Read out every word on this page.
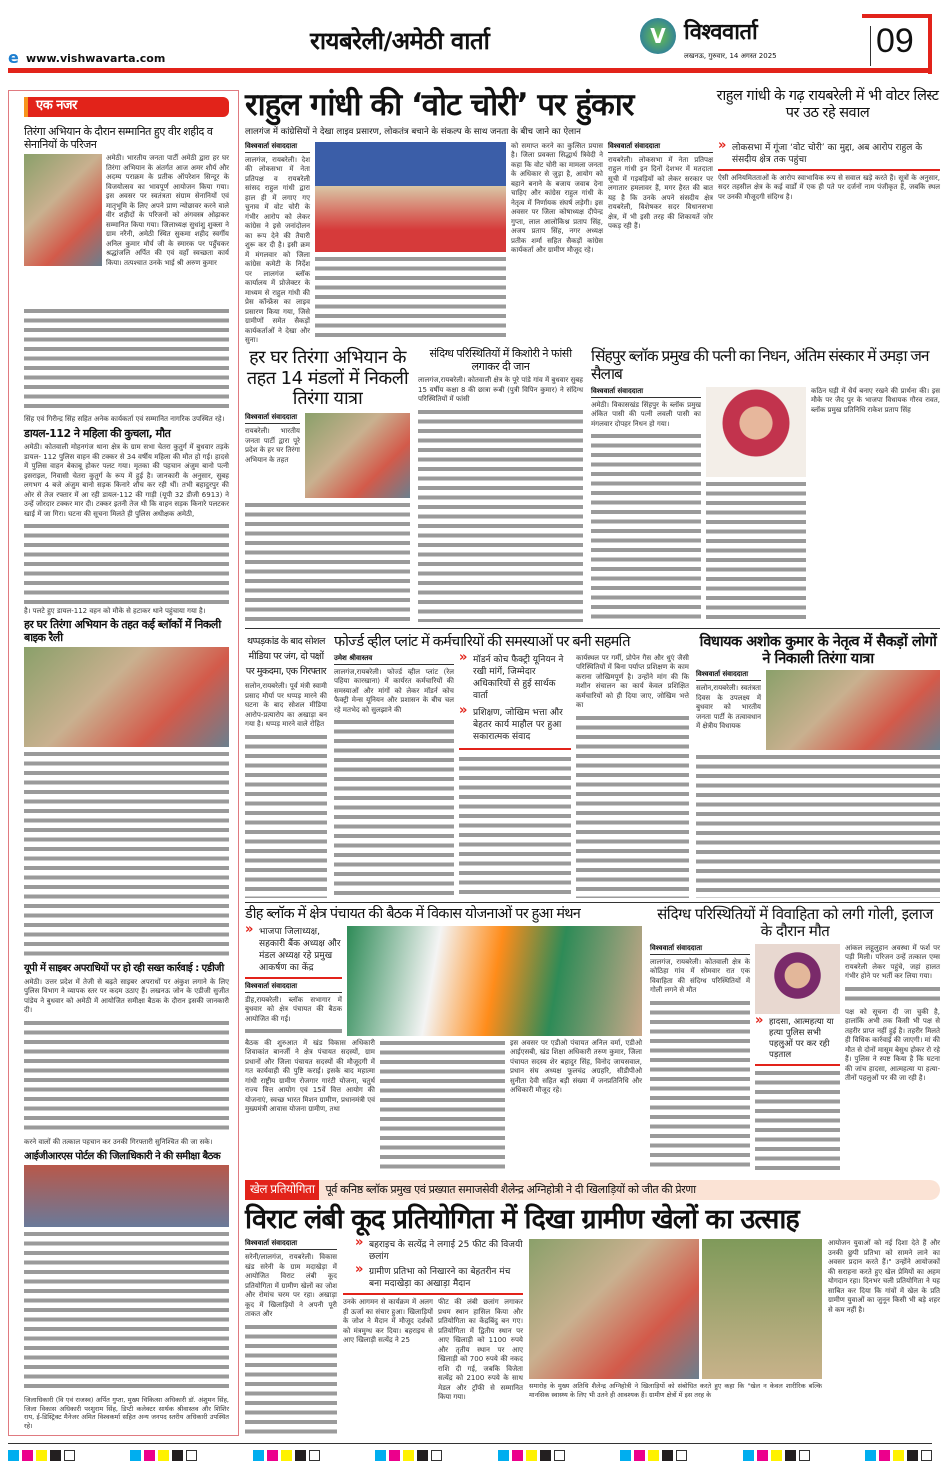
e www.vishwavarta.com
रायबरेली/अमेठी वार्ता	V विश्ववार्ता
लखनऊ, गुरुवार, 14 अगस्त 2025	09
एक नजर
तिरंगा अभियान के दौरान सम्मानित हुए वीर शहीद व सेनानियों के परिजन
अमेठी। भारतीय जनता पार्टी अमेठी द्वारा हर घर तिरंगा अभियान के अंतर्गत आज अमर शौर्य और अदम्य पराक्रम के प्रतीक ऑपरेशन सिन्दूर के विजयोत्सव का भावपूर्ण आयोजन किया गया। इस अवसर पर स्वतंत्रता संग्राम सेनानियों एवं मातृभूमि के लिए अपने प्राण न्योछावर करने वाले वीर शहीदों के परिजनों को अंगवस्त्र ओढ़ाकर सम्मानित किया गया। जिलाध्यक्ष सुधांशु शुक्ला ने ग्राम नरैनी, अमेठी स्थित सुकमा शहीद स्वर्गीय अनिल कुमार मौर्य जी के स्मारक पर पहुँचकर श्रद्धांजलि अर्पित की एवं वहाँ स्वच्छता कार्य किया। तत्पश्चात उनके भाई श्री अरुण कुमार
सिंह एवं गिरीन्द्र सिंह सहित अनेक कार्यकर्ता एवं सम्मानित नागरिक उपस्थित रहे।
डायल-112 ने महिला की कुचला, मौत
अमेठी। कोतवाली मोहनगंज थाना क्षेत्र के ग्राम सभा चेतरा कुतुर्ग में बुधवार तड़के डायल- 112 पुलिस वाहन की टक्कर से 34 वर्षीय महिला की मौत हो गई। हादसे में पुलिस वाहन बेकाबू होकर पलट गया। मृतका की पहचान अंजुम बानो पत्नी इसराइल, निवासी चेतरा कुतुर्ग के रूप में हुई है। जानकारी के अनुसार, सुबह लगभग 4 बजे अंजुम बानो सड़क किनारे शौच कर रही थीं। तभी बहादुरपुर की ओर से तेज रफ्तार में आ रही डायल-112 की गाड़ी (यूपी 32 डीजी 6913) ने उन्हें जोरदार टक्कर मार दी। टक्कर इतनी तेज थी कि वाहन सड़क किनारे पलटकर खाई में जा गिरा। घटना की सूचना मिलते ही पुलिस अधीक्षक अमेठी,
है। पलटे हुए डायल-112 वहन को मौके से हटाकर थाने पहुंचाया गया है।
हर घर तिरंगा अभियान के तहत कई ब्लॉकों में निकली बाइक रैली
यूपी में साइबर अपराधियों पर हो रही सख्त कार्रवाई : एडीजी
अमेठी। उत्तर प्रदेश में तेजी से बढ़ते साइबर अपराधों पर अंकुश लगाने के लिए पुलिस विभाग ने व्यापक स्तर पर कदम उठाए हैं। लखनऊ जोन के एडीजी सुजीत पांडेय ने बुधवार को अमेठी में आयोजित समीक्षा बैठक के दौरान इसकी जानकारी दी।
करने वालों की तत्काल पहचान कर उनकी गिरफ्तारी सुनिश्चित की जा सके।
आईजीआरएस पोर्टल की जिलाधिकारी ने की समीक्षा बैठक
जिलाधिकारी (वि एवं राजस्व) अर्पित गुप्ता, मुख्य चिकित्सा अधिकारी डॉ. अंशुमन सिंह, जिला विकास अधिकारी परशुराम सिंह, डिप्टी कलेक्टर सार्थक श्रीवास्तव और शिशिर राय, ई-डिस्ट्रिक्ट मैनेजर अमित विश्वकर्मा सहित अन्य जनपद स्तरीय अधिकारी उपस्थित रहे।
राहुल गांधी की ‘वोट चोरी’ पर हुंकार
लालगंज में कांग्रेसियों ने देखा लाइव प्रसारण, लोकतंत्र बचाने के संकल्प के साथ जनता के बीच जाने का ऐलान
राहुल गांधी के गढ़ रायबरेली में भी वोटर लिस्ट पर उठ रहे सवाल
विश्ववार्ता संवाददाता
लालगंज, रायबरेली। देश की लोकसभा में नेता प्रतिपक्ष व रायबरेली सांसद राहुल गांधी द्वारा हाल ही में लगाए गए चुनाव में वोट चोरी के गंभीर आरोप को लेकर कांग्रेस ने इसे जनांदोलन का रूप देने की तैयारी शुरू कर दी है। इसी क्रम में मंगलवार को जिला कांग्रेस कमेटी के निर्देश पर लालगंज ब्लॉक कार्यालय में प्रोजेक्टर के माध्यम से राहुल गांधी की प्रेस कॉन्फ्रेंस का लाइव प्रसारण किया गया, जिसे ग्रामीणों समेत सैकड़ों कार्यकर्ताओं ने देखा और सुना।
को समाप्त करने का कुत्सित प्रयास है। जिला प्रवक्ता सिद्धार्थ त्रिवेदी ने कहा कि वोट चोरी का मामला जनता के अधिकार से जुड़ा है, आयोग को बहाने बनाने के बजाय जवाब देना चाहिए और कांग्रेस राहुल गांधी के नेतृत्व में निर्णायक संघर्ष लड़ेगी। इस अवसर पर जिला कोषाध्यक्ष दीपेन्द्र गुप्ता, लाल आलोकिश्न प्रताप सिंह, अजय प्रताप सिंह, नगर अध्यक्ष प्रतीक शर्मा सहित सैकड़ों कांग्रेस कार्यकर्ता और ग्रामीण मौजूद रहे।
विश्ववार्ता संवाददाता
रायबरेली। लोकसभा में नेता प्रतिपक्ष राहुल गांधी इन दिनों देशभर में मतदाता सूची में गड़बड़ियों को लेकर सरकार पर लगातार हमलावर हैं, मगर हैरत की बात यह है कि उनके अपने संसदीय क्षेत्र रायबरेली, विशेषकर सदर विधानसभा क्षेत्र, में भी इसी तरह की शिकायतें जोर पकड़ रही हैं।
» लोकसभा में गूंजा ‘वोट चोरी’ का मुद्दा, अब आरोप राहुल के संसदीय क्षेत्र तक पहुंचा
ऐसी अनियमितताओं के आरोप स्वाभाविक रूप से सवाल खड़े करते हैं। सूत्रों के अनुसार, सदर तहसील क्षेत्र के कई वार्डों में एक ही पते पर दर्जनों नाम पंजीकृत हैं, जबकि स्थल पर उनकी मौजूदगी संदिग्ध है।
हर घर तिरंगा अभियान के तहत 14 मंडलों में निकली तिरंगा यात्रा
विश्ववार्ता संवाददाता
रायबरेली। भारतीय जनता पार्टी द्वारा पूरे प्रदेश के हर घर तिरंगा अभियान के तहत
संदिग्ध परिस्थितियों में किशोरी ने फांसी लगाकर दी जान
लालगंज,रायबरेली। कोतवाली क्षेत्र के पूरे पांडे गांव में बुधवार सुबह 15 वर्षीय कक्षा 8 की छात्रा रूबी (पुत्री विपिन कुमार) ने संदिग्ध परिस्थितियों में फांसी
सिंहपुर ब्लॉक प्रमुख की पत्नी का निधन, अंतिम संस्कार में उमड़ा जन सैलाब
विश्ववार्ता संवाददाता
अमेठी। विकासखंड सिंहपुर के ब्लॉक प्रमुख अंकित पासी की पत्नी लवली पासी का मंगलवार दोपहर निधन हो गया।
कठिन घड़ी में धैर्य बनाए रखने की प्रार्थना की। इस मौके पर जैद पुर के भाजपा विधायक गौरव रावत, ब्लॉक प्रमुख प्रतिनिधि राकेश प्रताप सिंह
थप्पड़कांड के बाद सोशल मीडिया पर जंग, दो पक्षों पर मुकदमा, एक गिरफ्तार
सलोन,रायबरेली। पूर्व मंत्री स्वामी प्रसाद मौर्या पर थप्पड़ मारने की घटना के बाद सोशल मीडिया आरोप-प्रत्यारोप का अखाड़ा बन गया है। थप्पड़ मारने वाले रोहित
फोर्ज्ड व्हील प्लांट में कर्मचारियों की समस्याओं पर बनी सहमति
उमेश श्रीवास्तव
लालगंज,रायबरेली। फोर्ज्ड व्हील प्लांट (रेल पहिया कारखाना) में कार्यरत कर्मचारियों की समस्याओं और मांगों को लेकर मॉडर्न कोच फैक्ट्री मेन्स यूनियन और प्रशासन के बीच चल रहे मतभेद को सुलझाने की
» मॉडर्न कोच फैक्ट्री यूनियन ने रखी मांगें, जिम्मेदार अधिकारियों से हुई सार्थक वार्ता
» प्रशिक्षण, जोखिम भत्ता और बेहतर कार्य माहौल पर हुआ सकारात्मक संवाद
कार्यस्थल पर गर्मी, प्रोपेन गैस और धुएं जैसी परिस्थितियों में बिना पर्याप्त प्रशिक्षण के काम कराना जोखिमपूर्ण है। उन्होंने मांग की कि मशीन संचालन का कार्य केवल प्रशिक्षित कर्मचारियों को ही दिया जाए, जोखिम भत्ते का
विधायक अशोक कुमार के नेतृत्व में सैकड़ों लोगों ने निकाली तिरंगा यात्रा
विश्ववार्ता संवाददाता
सलोन,रायबरेली। स्वतंत्रता दिवस के उपलक्ष्य में बुधवार को भारतीय जनता पार्टी के तत्वावधान में क्षेत्रीय विधायक
डीह ब्लॉक में क्षेत्र पंचायत की बैठक में विकास योजनाओं पर हुआ मंथन
» भाजपा जिलाध्यक्ष, सहकारी बैंक अध्यक्ष और मंडल अध्यक्ष रहे प्रमुख आकर्षण का केंद्र
विश्ववार्ता संवाददाता
डीह,रायबरेली। ब्लॉक सभागार में बुधवार को क्षेत्र पंचायत की बैठक आयोजित की गई।
बैठक की शुरुआत में खंड विकास अधिकारी शिवाकांत बानर्जी ने क्षेत्र पंचायत सदस्यों, ग्राम प्रधानों और जिला पंचायत सदस्यों की मौजूदगी में गत कार्यवाही की पुष्टि कराई। इसके बाद महात्मा गांधी राष्ट्रीय ग्रामीण रोजगार गारंटी योजना, चतुर्थ राज्य वित्त आयोग एवं 15वें वित्त आयोग की योजनाएं, स्वच्छ भारत मिशन ग्रामीण, प्रधानमंत्री एवं मुख्यमंत्री आवास योजना ग्रामीण, तथा
इस अवसर पर एडीओ पंचायत अनिल वर्मा, एडीओ आईएसबी, खंड शिक्षा अधिकारी तरुण कुमार, जिला पंचायत सदस्य शेर बहादुर सिंह, विनोद जायसवाल, प्रधान संघ अध्यक्ष फूलचंद्र अग्रहरि, सीडीपीओ सुनीता देवी सहित बड़ी संख्या में जनप्रतिनिधि और अधिकारी मौजूद रहे।
संदिग्ध परिस्थितियों में विवाहिता को लगी गोली, इलाज के दौरान मौत
विश्ववार्ता संवाददाता
लालगंज, रायबरेली। कोतवाली क्षेत्र के कोठिहा गांव में सोमवार रात एक विवाहिता की संदिग्ध परिस्थितियों में गोली लगने से मौत
» हादसा, आत्महत्या या हत्या पुलिस सभी पहलुओं पर कर रही पड़ताल
आंकल लहूलुहान अवस्था में फर्श पर पड़ी मिली। परिजन उन्हें तत्काल एम्स रायबरेली लेकर पहुंचे, जहां हालत गंभीर होने पर भर्ती कर लिया गया।
पक्ष को सूचना दी जा चुकी है, हालांकि अभी तक किसी भी पक्ष से तहरीर प्राप्त नहीं हुई है। तहरीर मिलते ही विधिक कार्रवाई की जाएगी। मां की मौत से दोनों मासूम बेसुध होकर रो रहे हैं। पुलिस ने स्पष्ट किया है कि घटना की जांच हादसा, आत्महत्या या हत्या- तीनों पहलुओं पर की जा रही है।
खेल प्रतियोगिता	पूर्व कनिष्ठ ब्लॉक प्रमुख एवं प्रख्यात समाजसेवी शैलेन्द्र अग्निहोत्री ने दी खिलाड़ियों को जीत की प्रेरणा
विराट लंबी कूद प्रतियोगिता में दिखा ग्रामीण खेलों का उत्साह
विश्ववार्ता संवाददाता
सरेनी/लालगंज, रायबरेली। विकास खंड सरेनी के ग्राम मदाखेड़ा में आयोजित विराट लंबी कूद प्रतियोगिता में ग्रामीण खेलों का जोश और रोमांच चरम पर रहा। अखाड़ा कूद में खिलाड़ियों ने अपनी पूरी ताकत और
» बहराइच के सत्येंद्र ने लगाई 25 फीट की विजयी छलांग
» ग्रामीण प्रतिभा को निखारने का बेहतरीन मंच बना मदाखेड़ा का अखाड़ा मैदान
उनके आगमन से कार्यक्रम में अलग ही ऊर्जा का संचार हुआ। खिलाड़ियों के जोश ने मैदान में मौजूद दर्शकों को मंत्रमुग्ध कर दिया। बहराइच से आए खिलाड़ी सत्येंद्र ने 25
फीट की लंबी छलांग लगाकर प्रथम स्थान हासिल किया और प्रतियोगिता का केंद्रबिंदु बन गए। प्रतियोगिता में द्वितीय स्थान पर आए खिलाड़ी को 1100 रुपये और तृतीय स्थान पर आए खिलाड़ी को 700 रुपये की नकद राशि दी गई, जबकि विजेता सत्येंद्र को 2100 रुपये के साथ मेडल और ट्रॉफी से सम्मानित किया गया।
समारोह के मुख्य अतिथि शैलेन्द्र अग्निहोत्री ने खिलाड़ियों को संबोधित करते हुए कहा कि "खेल न केवल शारीरिक बल्कि मानसिक स्वास्थ्य के लिए भी उतने ही आवश्यक हैं। ग्रामीण क्षेत्रों में इस तरह के
आयोजन युवाओं को नई दिशा देते हैं और उनकी छुपी प्रतिभा को सामने लाने का अवसर प्रदान करते हैं।" उन्होंने आयोजकों की सराहना करते हुए खेल प्रेमियों का अहम योगदान रहा। दिनभर चली प्रतियोगिता ने यह साबित कर दिया कि गांवों में खेल के प्रति ग्रामीण युवाओं का जुनून किसी भी बड़े शहर से कम नहीं है।
